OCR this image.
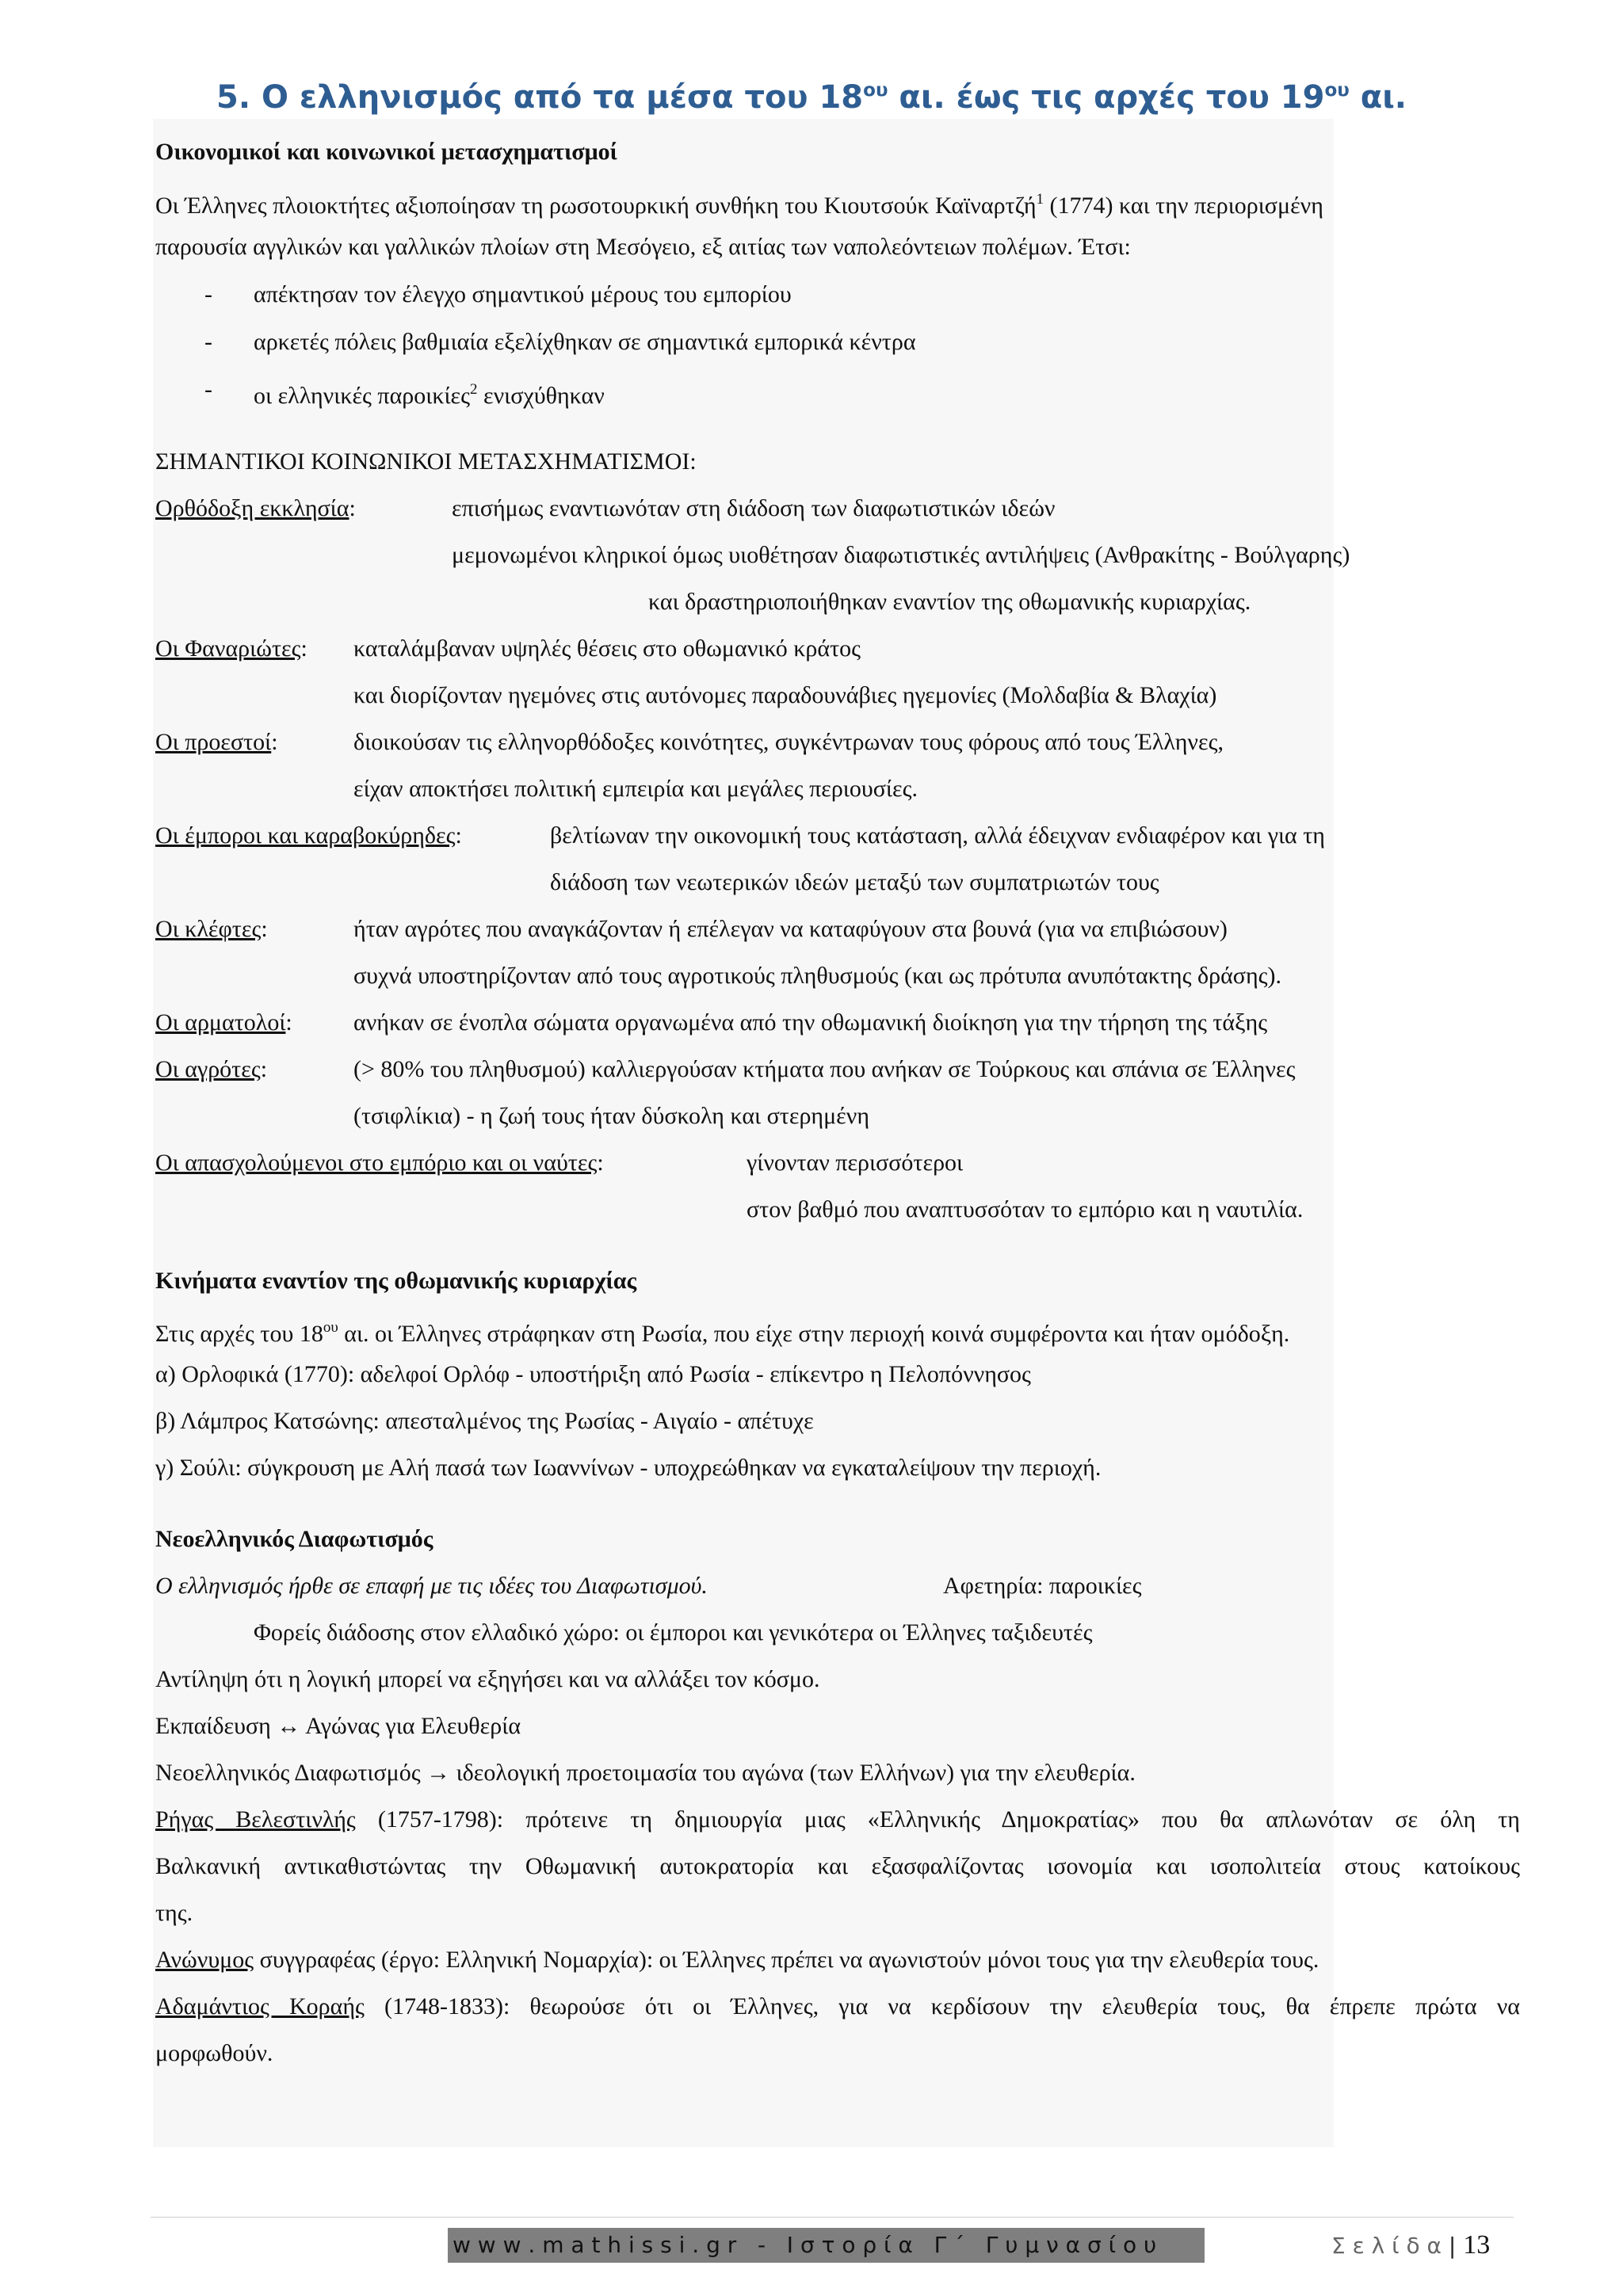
5. Ο ελληνισμός από τα μέσα του $18^{o\upsilon}$ αι. έως τις αρχές του $19^{o\upsilon}$ αι.
Οικονομικοί και κοινωνικοί μετασχηματισμοί
Οι Έλληνες πλοιοκτήτες αξιοποίησαν τη ρωσοτουρκική συνθήκη του Κιουτσούκ Καϊναρτζή$^1$ (1774) και την περιορισμένη
παρουσία αγγλικών και γαλλικών πλοίων στη Μεσόγειο, εξ αιτίας των ναπολεόντειων πολέμων. Έτσι:
- απέκτησαν τον έλεγχο σημαντικού μέρους του εμπορίου
- αρκετές πόλεις βαθμιαία εξελίχθηκαν σε σημαντικά εμπορικά κέντρα
- οι ελληνικές παροικίες$^2$ ενισχύθηκαν
ΣΗΜΑΝΤΙΚΟΙ ΚΟΙΝΩΝΙΚΟΙ ΜΕΤΑΣΧΗΜΑΤΙΣΜΟΙ:
Ορθόδοξη εκκλησία:	επισήμως εναντιωνόταν στη διάδοση των διαφωτιστικών ιδεών
μεμονωμένοι κληρικοί όμως υιοθέτησαν διαφωτιστικές αντιλήψεις (Ανθρακίτης - Βούλγαρης)
και δραστηριοποιήθηκαν εναντίον της οθωμανικής κυριαρχίας.
Οι Φαναριώτες: καταλάμβαναν υψηλές θέσεις στο οθωμανικό κράτος
και διορίζονταν ηγεμόνες στις αυτόνομες παραδουνάβιες ηγεμονίες (Μολδαβία & Βλαχία)
Οι προεστοί:	διοικούσαν τις ελληνορθόδοξες κοινότητες, συγκέντρωναν τους φόρους από τους Έλληνες,
είχαν αποκτήσει πολιτική εμπειρία και μεγάλες περιουσίες.
Οι έμποροι και καραβοκύρηδες:	βελτίωναν την οικονομική τους κατάσταση, αλλά έδειχναν ενδιαφέρον και για τη
διάδοση των νεωτερικών ιδεών μεταξύ των συμπατριωτών τους
Οι κλέφτες:	ήταν αγρότες που αναγκάζονταν ή επέλεγαν να καταφύγουν στα βουνά (για να επιβιώσουν)
συχνά υποστηρίζονταν από τους αγροτικούς πληθυσμούς (και ως πρότυπα ανυπότακτης δράσης).
Οι αρματολοί:	ανήκαν σε ένοπλα σώματα οργανωμένα από την οθωμανική διοίκηση για την τήρηση της τάξης
Οι αγρότες:	(> 80% του πληθυσμού) καλλιεργούσαν κτήματα που ανήκαν σε Τούρκους και σπάνια σε Έλληνες
(τσιφλίκια) - η ζωή τους ήταν δύσκολη και στερημένη
Οι απασχολούμενοι στο εμπόριο και οι ναύτες:	γίνονταν περισσότεροι
στον βαθμό που αναπτυσσόταν το εμπόριο και η ναυτιλία.
Κινήματα εναντίον της οθωμανικής κυριαρχίας
Στις αρχές του $18^{o\upsilon}$ αι. οι Έλληνες στράφηκαν στη Ρωσία, που είχε στην περιοχή κοινά συμφέροντα και ήταν ομόδοξη.
α) Ορλοφικά (1770): αδελφοί Ορλόφ - υποστήριξη από Ρωσία - επίκεντρο η Πελοπόννησος
β) Λάμπρος Κατσώνης: απεσταλμένος της Ρωσίας - Αιγαίο - απέτυχε
γ) Σούλι: σύγκρουση με Αλή πασά των Ιωαννίνων - υποχρεώθηκαν να εγκαταλείψουν την περιοχή.
Νεοελληνικός Διαφωτισμός
Ο ελληνισμός ήρθε σε επαφή με τις ιδέες του Διαφωτισμού.	Αφετηρία: παροικίες
Φορείς διάδοσης στον ελλαδικό χώρο: οι έμποροι και γενικότερα οι Έλληνες ταξιδευτές
Αντίληψη ότι η λογική μπορεί να εξηγήσει και να αλλάξει τον κόσμο.
Εκπαίδευση ↔ Αγώνας για Ελευθερία
Νεοελληνικός Διαφωτισμός → ιδεολογική προετοιμασία του αγώνα (των Ελλήνων) για την ελευθερία.
Ρήγας Βελεστινλής (1757-1798): πρότεινε τη δημιουργία μιας «Ελληνικής Δημοκρατίας» που θα απλωνόταν σε όλη τη
Βαλκανική αντικαθιστώντας την Οθωμανική αυτοκρατορία και εξασφαλίζοντας ισονομία και ισοπολιτεία στους κατοίκους
της.
Ανώνυμος συγγραφέας (έργο: Ελληνική Νομαρχία): οι Έλληνες πρέπει να αγωνιστούν μόνοι τους για την ελευθερία τους.
Αδαμάντιος Κοραής (1748-1833): θεωρούσε ότι οι Έλληνες, για να κερδίσουν την ελευθερία τους, θα έπρεπε πρώτα να
μορφωθούν.
w w w . m a t h i s s i . g r   -   Ι σ τ ο ρ ί α   Γ ΄   Γ υ μ ν α σ ί ο υ	Σ ε λ ί δ α | 13
